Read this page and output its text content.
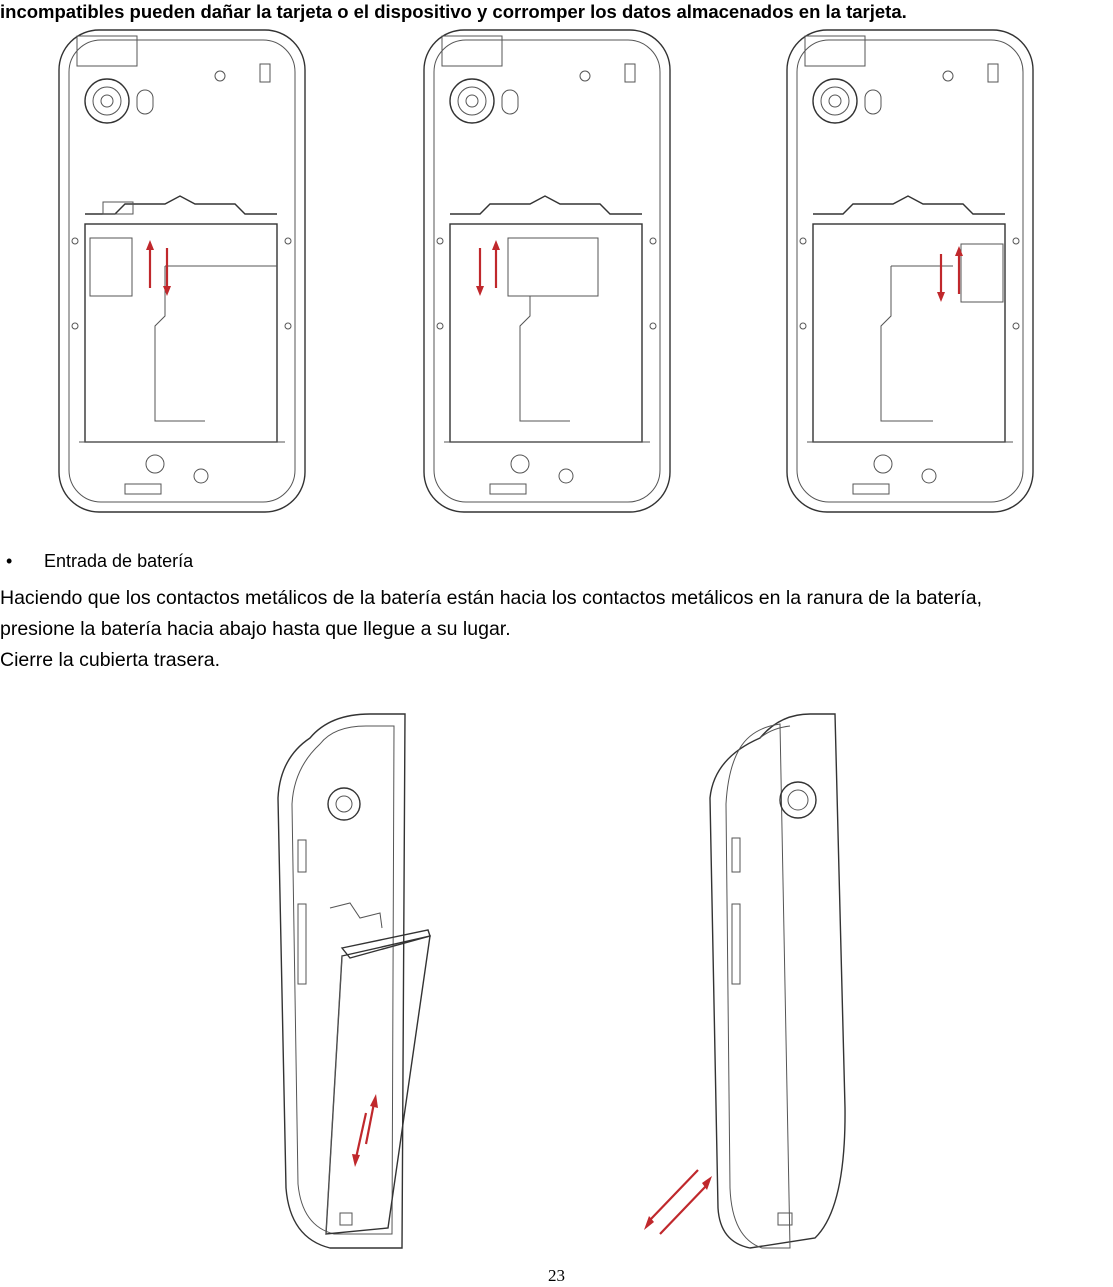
incompatibles pueden dañar la tarjeta o el dispositivo y corromper los datos almacenados en la tarjeta.
• Entrada de batería
Haciendo que los contactos metálicos de la batería están hacia los contactos metálicos en la ranura de la batería,
presione la batería hacia abajo hasta que llegue a su lugar.
Cierre la cubierta trasera.
23
